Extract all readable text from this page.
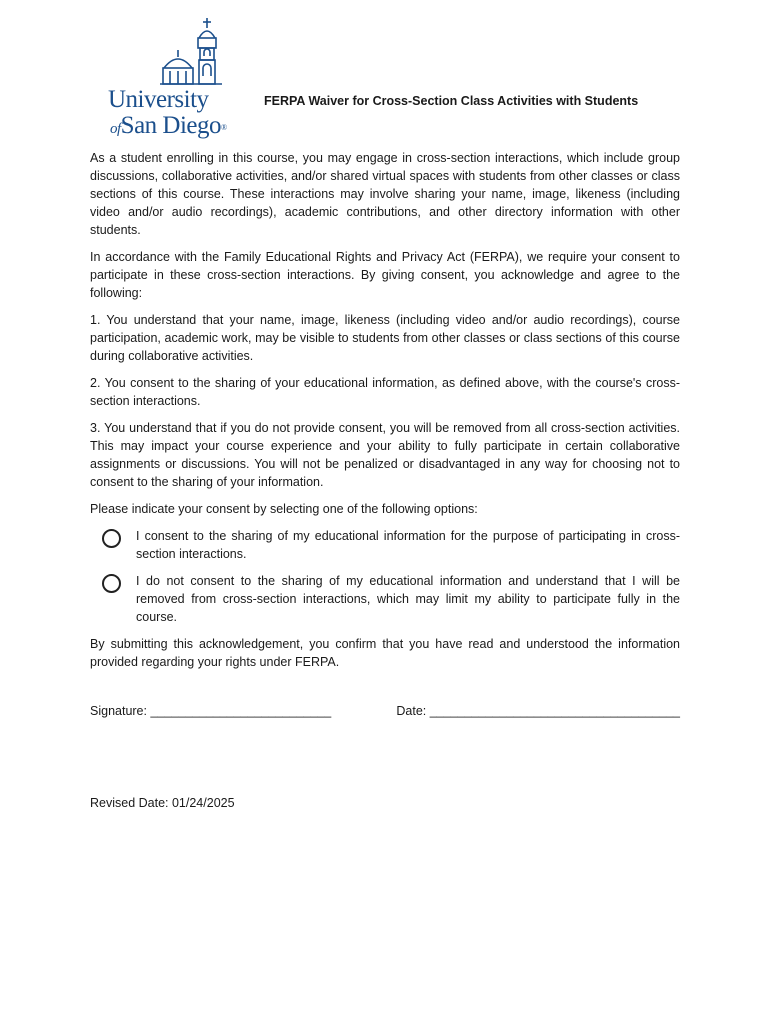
University
ofSan Diego®
FERPA Waiver for Cross-Section Class Activities with Students

As a student enrolling in this course, you may engage in cross-section interactions, which include group discussions, collaborative activities, and/or shared virtual spaces with students from other classes or class sections of this course. These interactions may involve sharing your name, image, likeness (including video and/or audio recordings), academic contributions, and other directory information with other students.

In accordance with the Family Educational Rights and Privacy Act (FERPA), we require your consent to participate in these cross-section interactions. By giving consent, you acknowledge and agree to the following:

1. You understand that your name, image, likeness (including video and/or audio recordings), course participation, academic work, may be visible to students from other classes or class sections of this course during collaborative activities.

2. You consent to the sharing of your educational information, as defined above, with the course's cross-section interactions.

3. You understand that if you do not provide consent, you will be removed from all cross-section activities. This may impact your course experience and your ability to fully participate in certain collaborative assignments or discussions. You will not be penalized or disadvantaged in any way for choosing not to consent to the sharing of your information.

Please indicate your consent by selecting one of the following options:

I consent to the sharing of my educational information for the purpose of participating in cross-section interactions.
I do not consent to the sharing of my educational information and understand that I will be removed from cross-section interactions, which may limit my ability to participate fully in the course.

By submitting this acknowledgement, you confirm that you have read and understood the information provided regarding your rights under FERPA.

Signature: __________________________	Date: ____________________________________
Revised Date: 01/24/2025
